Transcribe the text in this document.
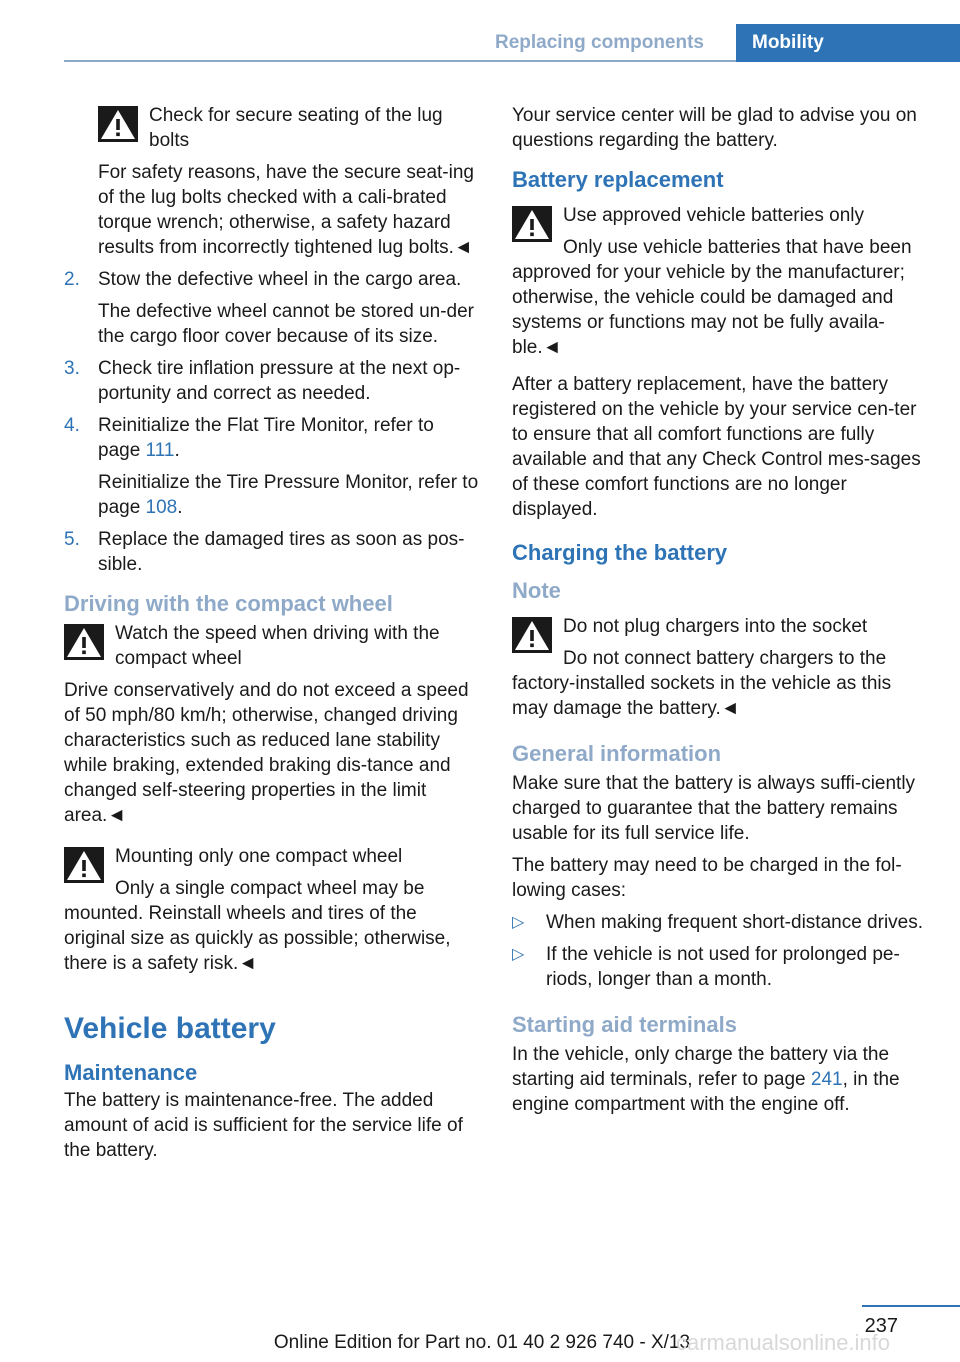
Replacing components	Mobility
Check for secure seating of the lug bolts

For safety reasons, have the secure seat‐ing of the lug bolts checked with a cali‐brated torque wrench; otherwise, a safety hazard results from incorrectly tightened lug bolts.◄

2. Stow the defective wheel in the cargo area.

The defective wheel cannot be stored un‐der the cargo floor cover because of its size.

3. Check tire inflation pressure at the next op‐portunity and correct as needed.

4. Reinitialize the Flat Tire Monitor, refer to page 111.

Reinitialize the Tire Pressure Monitor, refer to page 108.

5. Replace the damaged tires as soon as pos‐sible.

Driving with the compact wheel
Watch the speed when driving with the compact wheel
Drive conservatively and do not exceed a speed of 50 mph/80 km/h; otherwise, changed driving characteristics such as reduced lane stability while braking, extended braking dis‐tance and changed self-steering properties in the limit area.◄
Mounting only one compact wheel
Only a single compact wheel may be mounted. Reinstall wheels and tires of the original size as quickly as possible; otherwise, there is a safety risk.◄
Vehicle battery
Maintenance

The battery is maintenance-free. The added amount of acid is sufficient for the service life of the battery.

Your service center will be glad to advise you on questions regarding the battery.

Battery replacement
Use approved vehicle batteries only
Only use vehicle batteries that have been approved for your vehicle by the manufacturer; otherwise, the vehicle could be damaged and systems or functions may not be fully availa‐ble.◄

After a battery replacement, have the battery registered on the vehicle by your service cen‐ter to ensure that all comfort functions are fully available and that any Check Control mes‐sages of these comfort functions are no longer displayed.

Charging the battery
Note
Do not plug chargers into the socket
Do not connect battery chargers to the factory-installed sockets in the vehicle as this may damage the battery.◄
General information

Make sure that the battery is always suffi‐ciently charged to guarantee that the battery remains usable for its full service life.

The battery may need to be charged in the fol‐lowing cases:

▷ When making frequent short-distance drives.
▷ If the vehicle is not used for prolonged pe‐riods, longer than a month.
Starting aid terminals

In the vehicle, only charge the battery via the starting aid terminals, refer to page 241, in the engine compartment with the engine off.

237
Online Edition for Part no. 01 40 2 926 740 - X/13
carmanualsonline.info
